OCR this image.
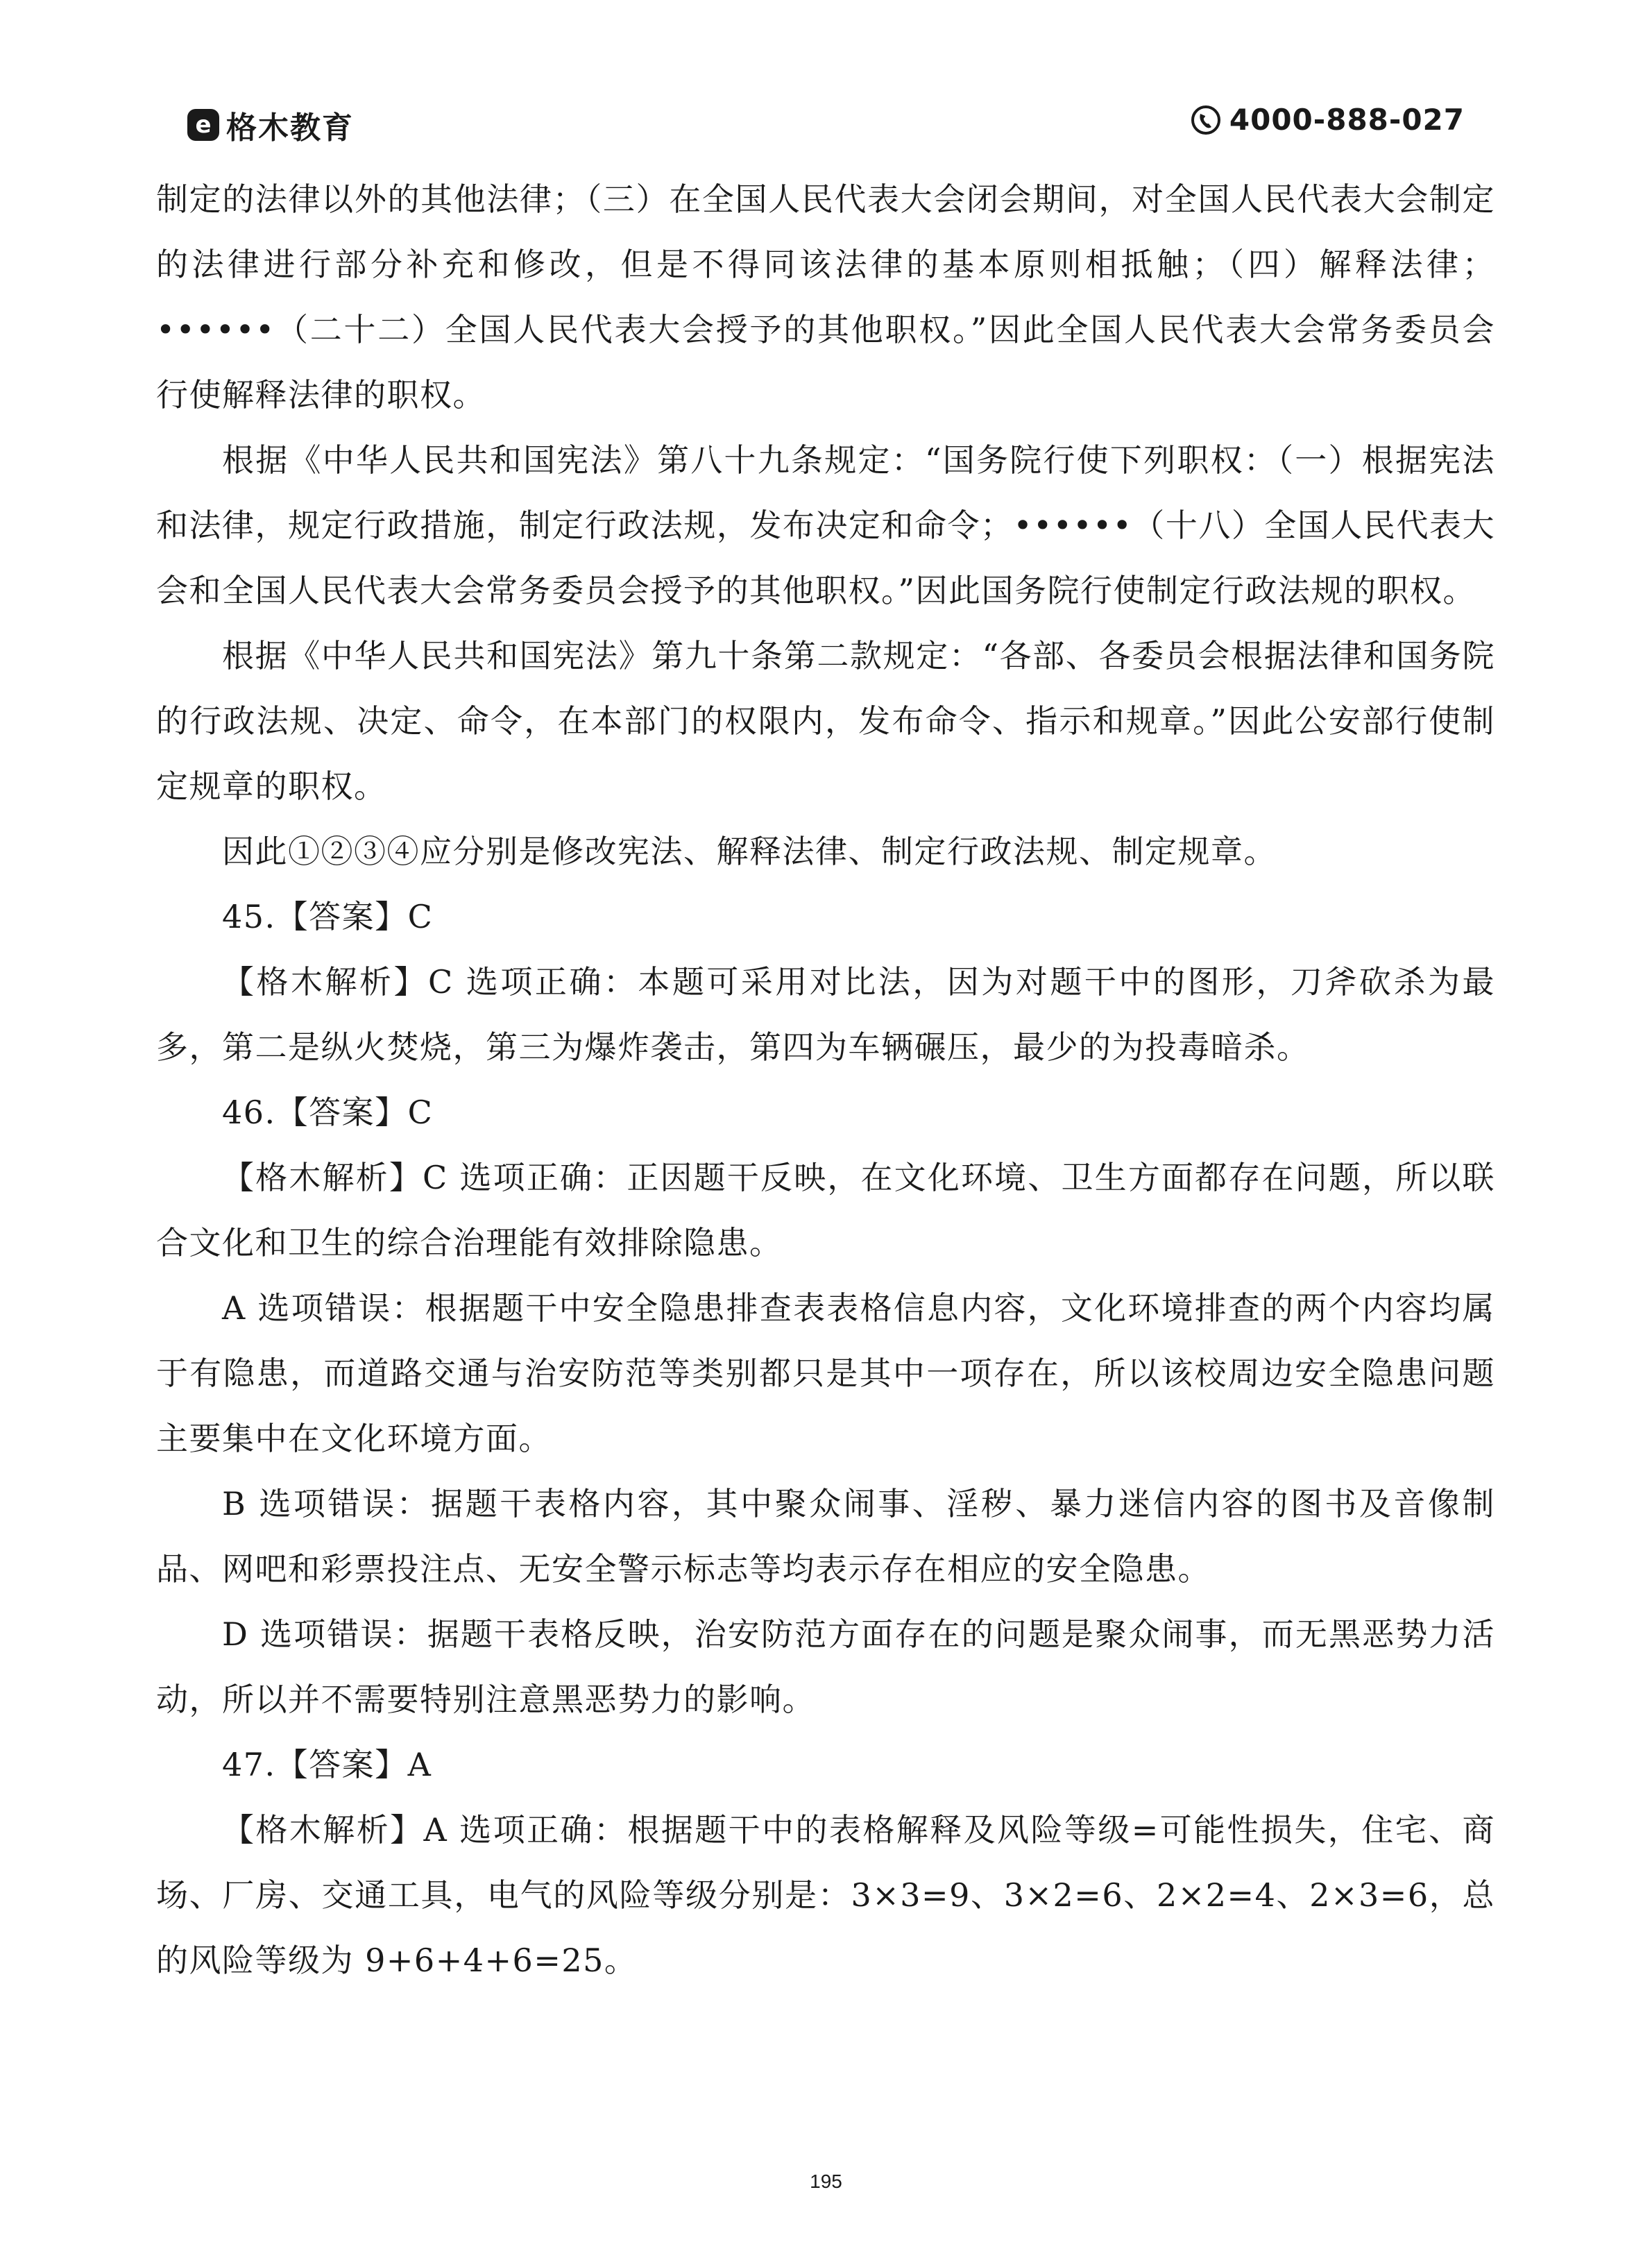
e 格木教育	4000-888-027

制定的法律以外的其他法律；（三）在全国人民代表大会闭会期间，对全国人民代表大会制定的法律进行部分补充和修改，但是不得同该法律的基本原则相抵触；（四）解释法律；••••••（二十二）全国人民代表大会授予的其他职权。”因此全国人民代表大会常务委员会行使解释法律的职权。

根据《中华人民共和国宪法》第八十九条规定：“国务院行使下列职权：（一）根据宪法和法律，规定行政措施，制定行政法规，发布决定和命令；••••••（十八）全国人民代表大会和全国人民代表大会常务委员会授予的其他职权。”因此国务院行使制定行政法规的职权。

根据《中华人民共和国宪法》第九十条第二款规定：“各部、各委员会根据法律和国务院的行政法规、决定、命令，在本部门的权限内，发布命令、指示和规章。”因此公安部行使制定规章的职权。

因此①②③④应分别是修改宪法、解释法律、制定行政法规、制定规章。

45.【答案】C

【格木解析】C 选项正确：本题可采用对比法，因为对题干中的图形，刀斧砍杀为最多，第二是纵火焚烧，第三为爆炸袭击，第四为车辆碾压，最少的为投毒暗杀。

46.【答案】C

【格木解析】C 选项正确：正因题干反映，在文化环境、卫生方面都存在问题，所以联合文化和卫生的综合治理能有效排除隐患。

A 选项错误：根据题干中安全隐患排查表表格信息内容，文化环境排查的两个内容均属于有隐患，而道路交通与治安防范等类别都只是其中一项存在，所以该校周边安全隐患问题主要集中在文化环境方面。

B 选项错误：据题干表格内容，其中聚众闹事、淫秽、暴力迷信内容的图书及音像制品、网吧和彩票投注点、无安全警示标志等均表示存在相应的安全隐患。

D 选项错误：据题干表格反映，治安防范方面存在的问题是聚众闹事，而无黑恶势力活动，所以并不需要特别注意黑恶势力的影响。

47.【答案】A

【格木解析】A 选项正确：根据题干中的表格解释及风险等级=可能性损失，住宅、商场、厂房、交通工具，电气的风险等级分别是：3×3=9、3×2=6、2×2=4、2×3=6，总的风险等级为 9+6+4+6=25。

195
